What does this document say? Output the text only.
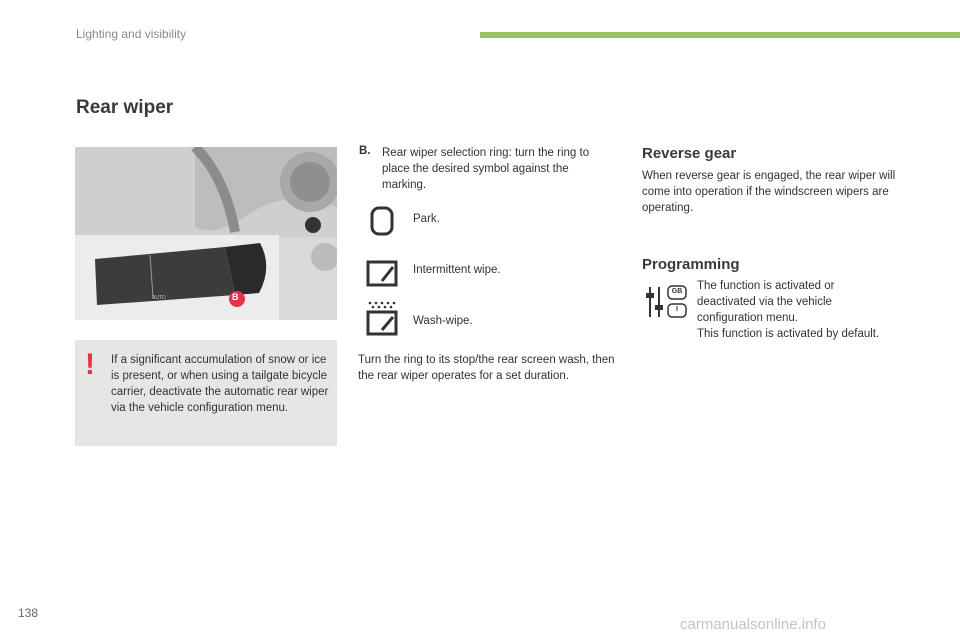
Lighting and visibility
Rear wiper
B
AUTO
! If a significant accumulation of snow or ice is present, or when using a tailgate bicycle carrier, deactivate the automatic rear wiper via the vehicle configuration menu.
B. Rear wiper selection ring: turn the ring to place the desired symbol against the marking.
Park.
Intermittent wipe.
Wash-wipe.
Turn the ring to its stop/the rear screen wash, then the rear wiper operates for a set duration.
Reverse gear
When reverse gear is engaged, the rear wiper will come into operation if the windscreen wipers are operating.
Programming
GB
I
The function is activated or deactivated via the vehicle configuration menu.
This function is activated by default.
138
carmanualsonline.info
